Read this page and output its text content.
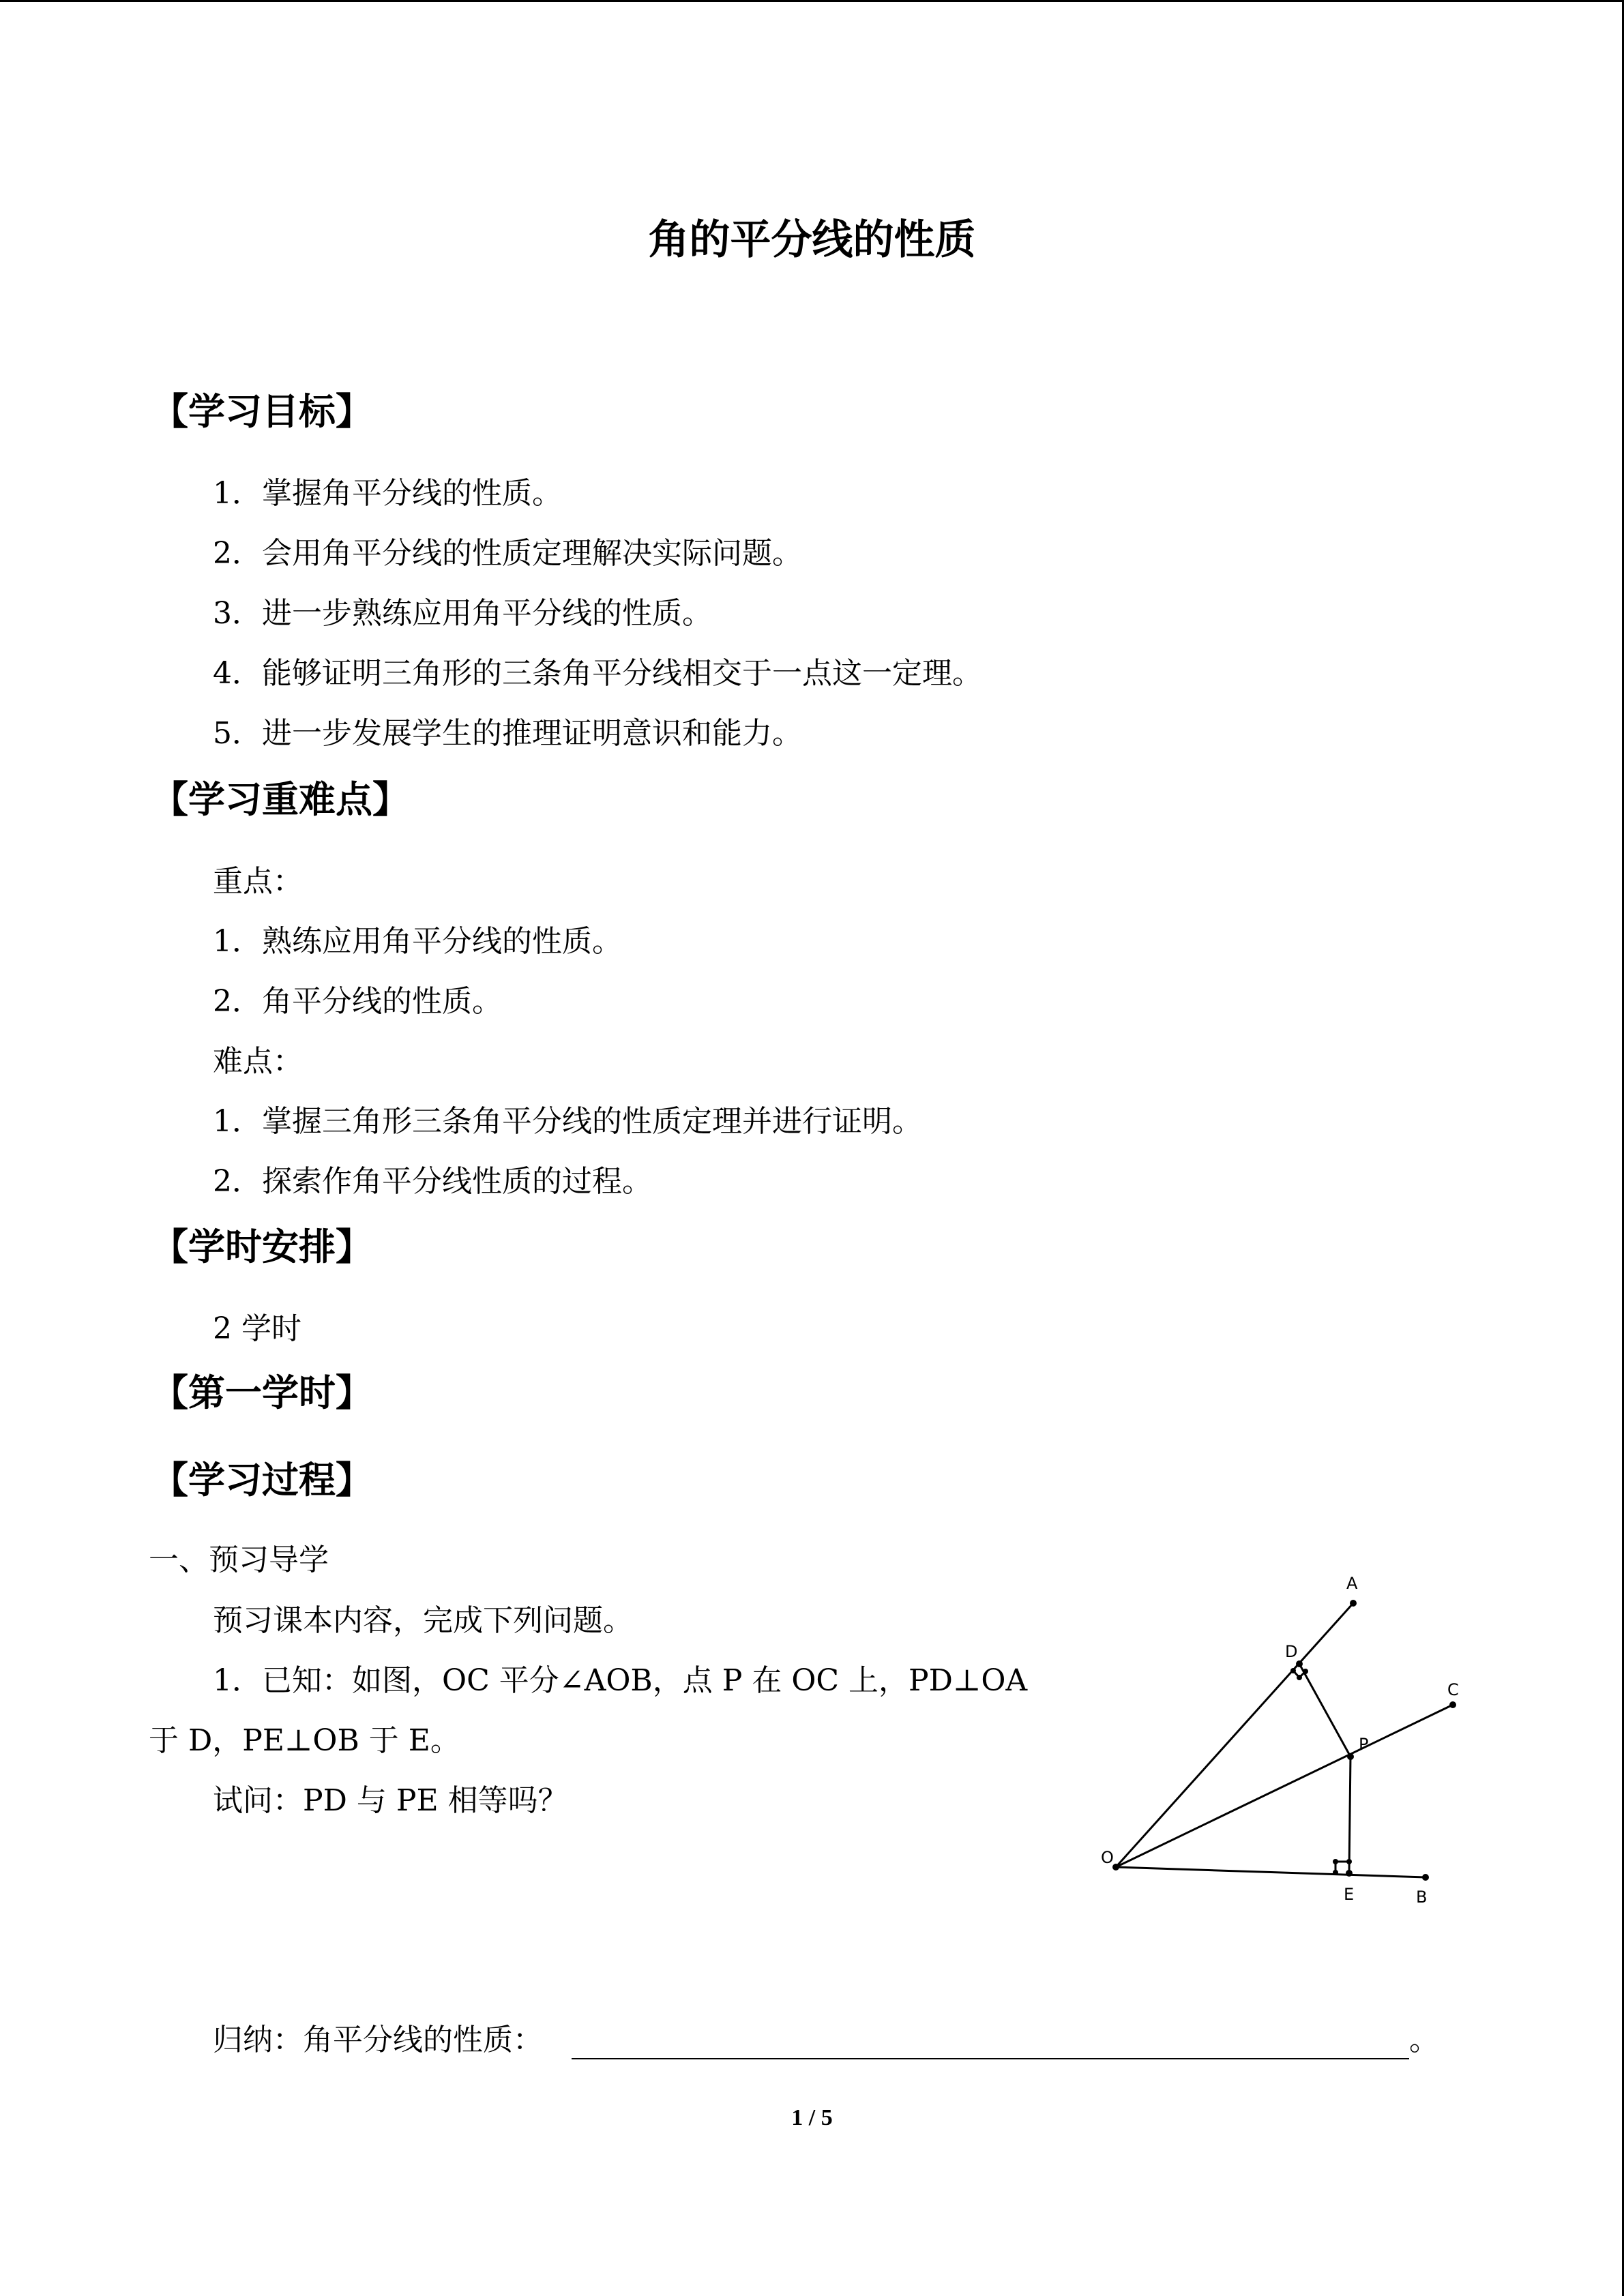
角的平分线的性质
【学习目标】
1．掌握角平分线的性质。
2．会用角平分线的性质定理解决实际问题。
3．进一步熟练应用角平分线的性质。
4．能够证明三角形的三条角平分线相交于一点这一定理。
5．进一步发展学生的推理证明意识和能力。
【学习重难点】
重点：
1．熟练应用角平分线的性质。
2．角平分线的性质。
难点：
1．掌握三角形三条角平分线的性质定理并进行证明。
2．探索作角平分线性质的过程。
【学时安排】
2 学时
【第一学时】
【学习过程】
一、预习导学
预习课本内容，完成下列问题。
1．已知：如图，OC 平分∠AOB，点 P 在 OC 上，PD⊥OA
于 D，PE⊥OB 于 E。
试问：PD 与 PE 相等吗？
A
C
D
P
O
E	B
归纳：角平分线的性质：	。
1 / 5
